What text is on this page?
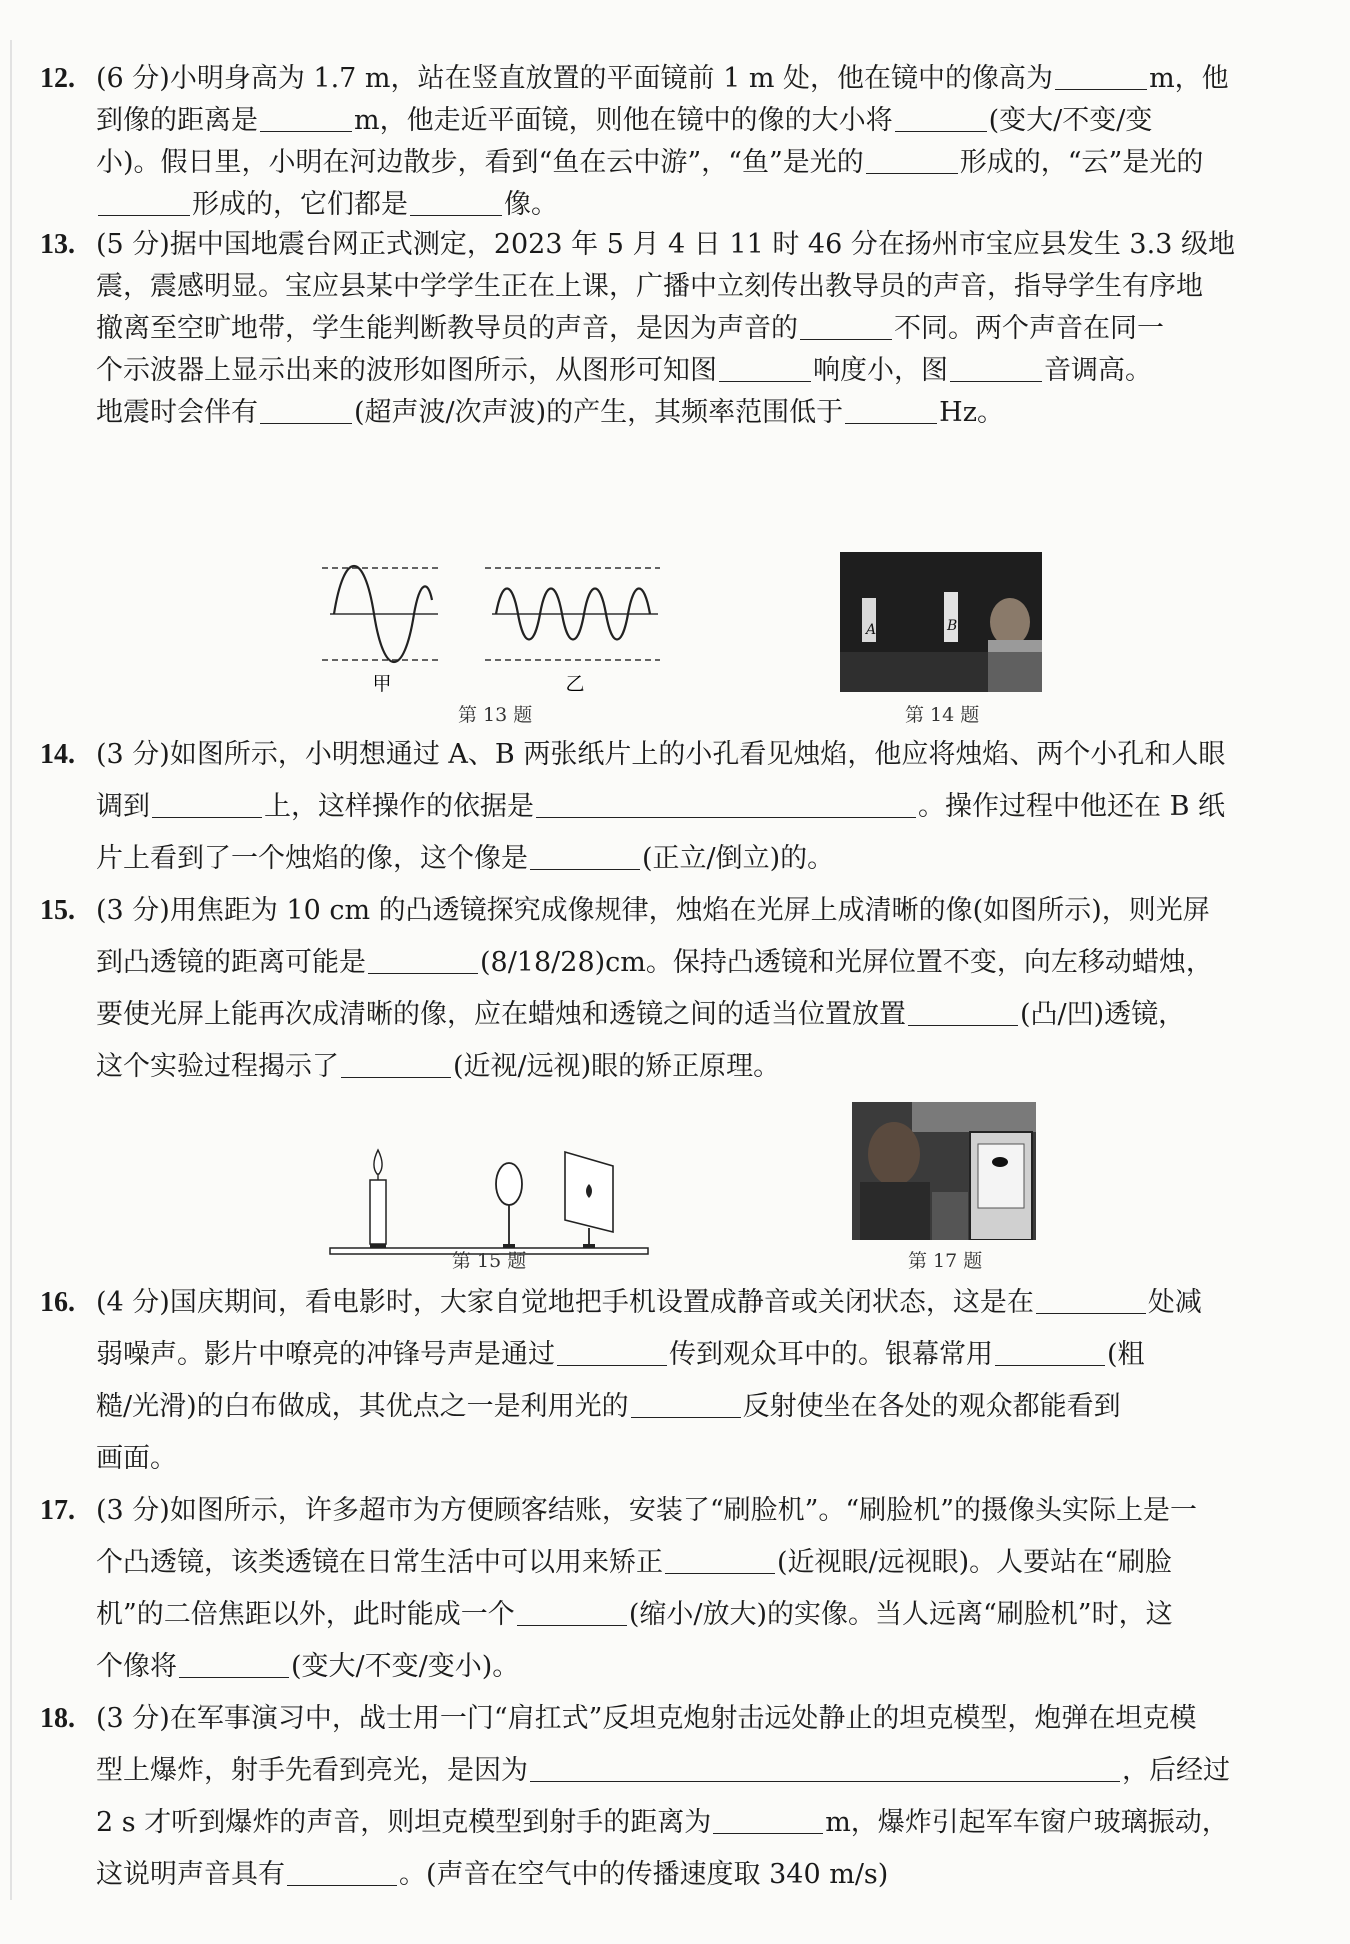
12. (6 分)小明身高为 1.7 m，站在竖直放置的平面镜前 1 m 处，他在镜中的像高为	m，他
到像的距离是	m，他走近平面镜，则他在镜中的像的大小将	(变大/不变/变
小)。假日里，小明在河边散步，看到“鱼在云中游”，“鱼”是光的	形成的，“云”是光的
形成的，它们都是	像。
13. (5 分)据中国地震台网正式测定，2023 年 5 月 4 日 11 时 46 分在扬州市宝应县发生 3.3 级地
震，震感明显。宝应县某中学学生正在上课，广播中立刻传出教导员的声音，指导学生有序地
撤离至空旷地带，学生能判断教导员的声音，是因为声音的	不同。两个声音在同一
个示波器上显示出来的波形如图所示，从图形可知图	响度小，图	音调高。
地震时会伴有	(超声波/次声波)的产生，其频率范围低于	Hz。
甲	乙
第 13 题
A	B
第 14 题
14. (3 分)如图所示，小明想通过 A、B 两张纸片上的小孔看见烛焰，他应将烛焰、两个小孔和人眼
调到	上，这样操作的依据是	。操作过程中他还在 B 纸
片上看到了一个烛焰的像，这个像是	(正立/倒立)的。
15. (3 分)用焦距为 10 cm 的凸透镜探究成像规律，烛焰在光屏上成清晰的像(如图所示)，则光屏
到凸透镜的距离可能是	(8/18/28)cm。保持凸透镜和光屏位置不变，向左移动蜡烛，
要使光屏上能再次成清晰的像，应在蜡烛和透镜之间的适当位置放置	(凸/凹)透镜，
这个实验过程揭示了	(近视/远视)眼的矫正原理。
第 15 题	第 17 题
16. (4 分)国庆期间，看电影时，大家自觉地把手机设置成静音或关闭状态，这是在	处减
弱噪声。影片中嘹亮的冲锋号声是通过	传到观众耳中的。银幕常用	(粗
糙/光滑)的白布做成，其优点之一是利用光的	反射使坐在各处的观众都能看到
画面。
17. (3 分)如图所示，许多超市为方便顾客结账，安装了“刷脸机”。“刷脸机”的摄像头实际上是一
个凸透镜，该类透镜在日常生活中可以用来矫正	(近视眼/远视眼)。人要站在“刷脸
机”的二倍焦距以外，此时能成一个	(缩小/放大)的实像。当人远离“刷脸机”时，这
个像将	(变大/不变/变小)。
18. (3 分)在军事演习中，战士用一门“肩扛式”反坦克炮射击远处静止的坦克模型，炮弹在坦克模
型上爆炸，射手先看到亮光，是因为	，后经过
2 s 才听到爆炸的声音，则坦克模型到射手的距离为	m，爆炸引起军车窗户玻璃振动，
这说明声音具有	。(声音在空气中的传播速度取 340 m/s)
